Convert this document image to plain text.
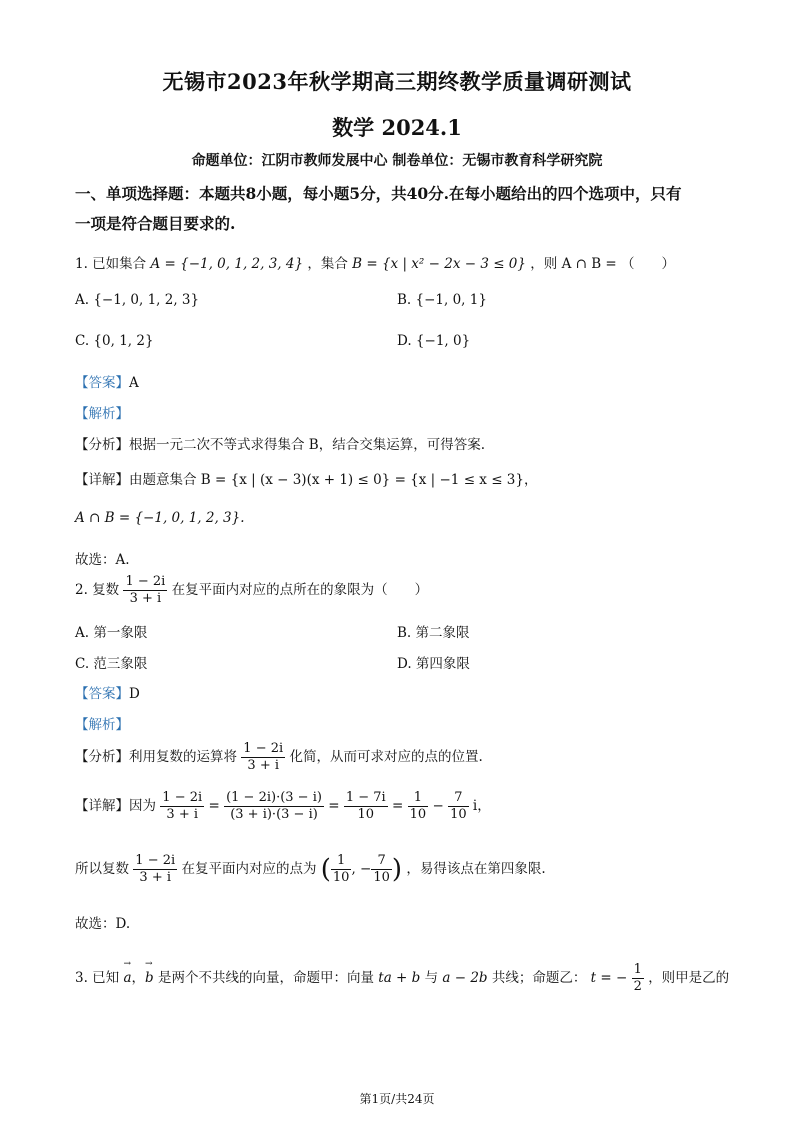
无锡市2023年秋学期高三期终教学质量调研测试
数学 2024.1
命题单位：江阴市教师发展中心 制卷单位：无锡市教育科学研究院
一、单项选择题：本题共8小题，每小题5分，共40分.在每小题给出的四个选项中，只有
一项是符合题目要求的.
1. 已如集合 A = {−1, 0, 1, 2, 3, 4} ，集合 B = {x | x² − 2x − 3 ≤ 0} ，则 A ∩ B = （　　）
A. {−1, 0, 1, 2, 3}	B. {−1, 0, 1}
C. {0, 1, 2}	D. {−1, 0}
【答案】A
【解析】
【分析】根据一元二次不等式求得集合 B，结合交集运算，可得答案.
【详解】由题意集合 B = {x | (x − 3)(x + 1) ≤ 0} = {x | −1 ≤ x ≤ 3}，
A ∩ B = {−1, 0, 1, 2, 3}.
故选：A.
2. 复数 $\frac{1 - 2i}{3 + i}$ 在复平面内对应的点所在的象限为（　　）
A. 第一象限	B. 第二象限
C. 范三象限	D. 第四象限
【答案】D
【解析】
【分析】利用复数的运算将 $\frac{1 - 2i}{3 + i}$ 化简，从而可求对应的点的位置.
【详解】因为 $\frac{1 - 2i}{3 + i} = \frac{(1 - 2i)\cdot(3 - i)}{(3 + i)\cdot(3 - i)} = \frac{1 - 7i}{10} = \frac{1}{10} - \frac{7}{10}$ i，
所以复数 $\frac{1 - 2i}{3 + i}$ 在复平面内对应的点为 ( $\frac{1}{10}$ , − $\frac{7}{10}$ ) ，易得该点在第四象限.
故选：D.
3. 已知 → a，→ b 是两个不共线的向量，命题甲：向量 ta + b 与 a − 2b 共线；命题乙： t = − $\frac{1}{2}$ ，则甲是乙的
第1页/共24页
